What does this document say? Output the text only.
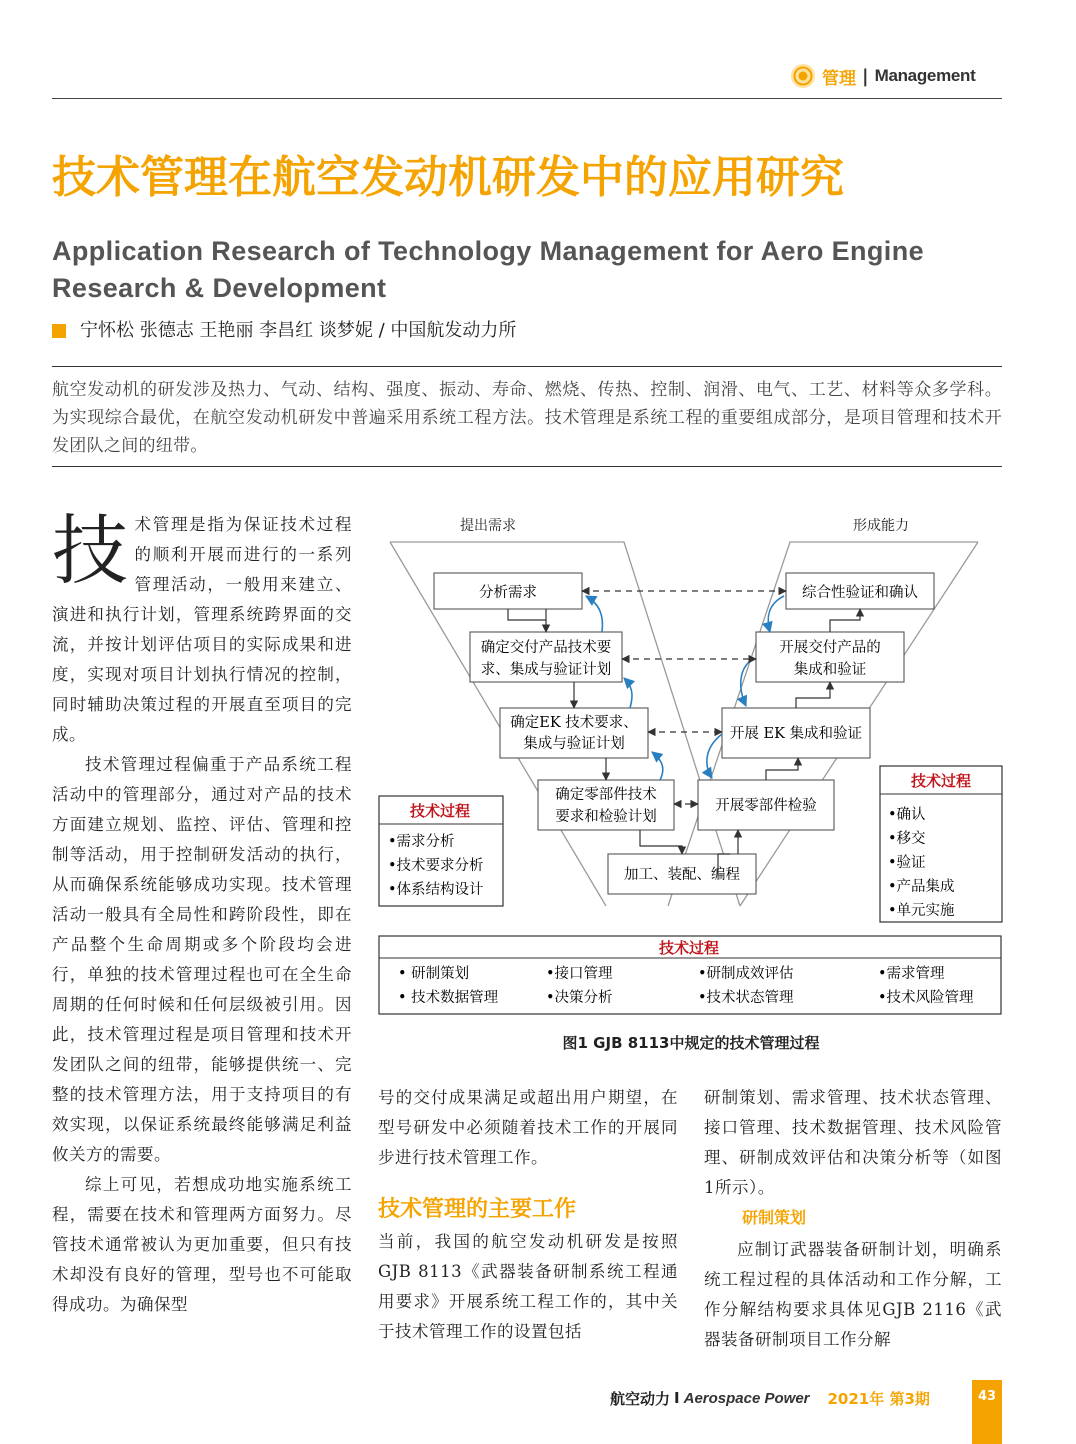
管理 | Management
技术管理在航空发动机研发中的应用研究
Application Research of Technology Management for Aero Engine Research & Development
宁怀松 张德志 王艳丽 李昌红 谈梦妮 / 中国航发动力所
航空发动机的研发涉及热力、气动、结构、强度、振动、寿命、燃烧、传热、控制、润滑、电气、工艺、材料等众多学科。为实现综合最优，在航空发动机研发中普遍采用系统工程方法。技术管理是系统工程的重要组成部分，是项目管理和技术开发团队之间的纽带。

技术管理是指为保证技术过程的顺利开展而进行的一系列管理活动，一般用来建立、演进和执行计划，管理系统跨界面的交流，并按计划评估项目的实际成果和进度，实现对项目计划执行情况的控制，同时辅助决策过程的开展直至项目的完成。

技术管理过程偏重于产品系统工程活动中的管理部分，通过对产品的技术方面建立规划、监控、评估、管理和控制等活动，用于控制研发活动的执行，从而确保系统能够成功实现。技术管理活动一般具有全局性和跨阶段性，即在产品整个生命周期或多个阶段均会进行，单独的技术管理过程也可在全生命周期的任何时候和任何层级被引用。因此，技术管理过程是项目管理和技术开发团队之间的纽带，能够提供统一、完整的技术管理方法，用于支持项目的有效实现，以保证系统最终能够满足利益攸关方的需要。

综上可见，若想成功地实施系统工程，需要在技术和管理两方面努力。尽管技术通常被认为更加重要，但只有技术却没有良好的管理，型号也不可能取得成功。为确保型

提出需求	形成能力
分析需求
确定交付产品技术要
求、集成与验证计划
确定EK 技术要求、
集成与验证计划
确定零部件技术
要求和检验计划
加工、装配、编程
综合性验证和确认
开展交付产品的
集成和验证
开展 EK 集成和验证
开展零部件检验
技术过程
•需求分析
•技术要求分析
•体系结构设计
技术过程
•确认
•移交
•验证
•产品集成
•单元实施
技术过程
• 研制策划	•接口管理	•研制成效评估	•需求管理
• 技术数据管理	•决策分析	•技术状态管理	•技术风险管理
图1 GJB 8113中规定的技术管理过程

号的交付成果满足或超出用户期望，在型号研发中必须随着技术工作的开展同步进行技术管理工作。

技术管理的主要工作

当前，我国的航空发动机研发是按照GJB 8113《武器装备研制系统工程通用要求》开展系统工程工作的，其中关于技术管理工作的设置包括

研制策划、需求管理、技术状态管理、接口管理、技术数据管理、技术风险管理、研制成效评估和决策分析等（如图1所示）。

研制策划

应制订武器装备研制计划，明确系统工程过程的具体活动和工作分解，工作分解结构要求具体见GJB 2116《武器装备研制项目工作分解

航空动力 I Aerospace Power 2021年 第3期	43
